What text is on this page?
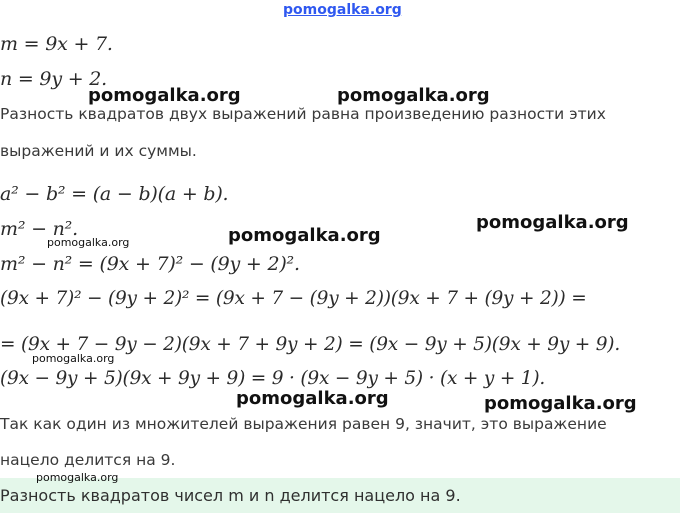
pomogalka.org
m = 9x + 7.
n = 9y + 2.
pomogalka.org	pomogalka.org
Разность квадратов двух выражений равна произведению разности этих
выражений и их суммы.
a² − b² = (a − b)(a + b).
m² − n².
pomogalka.org	pomogalka.org
pomogalka.org
m² − n² = (9x + 7)² − (9y + 2)².
(9x + 7)² − (9y + 2)² = (9x + 7 − (9y + 2))(9x + 7 + (9y + 2)) =
= (9x + 7 − 9y − 2)(9x + 7 + 9y + 2) = (9x − 9y + 5)(9x + 9y + 9).
pomogalka.org
(9x − 9y + 5)(9x + 9y + 9) = 9 · (9x − 9y + 5) · (x + y + 1).
pomogalka.org	pomogalka.org
Так как один из множителей выражения равен 9, значит, это выражение
нацело делится на 9.
Разность квадратов чисел m и n делится нацело на 9.
pomogalka.org
